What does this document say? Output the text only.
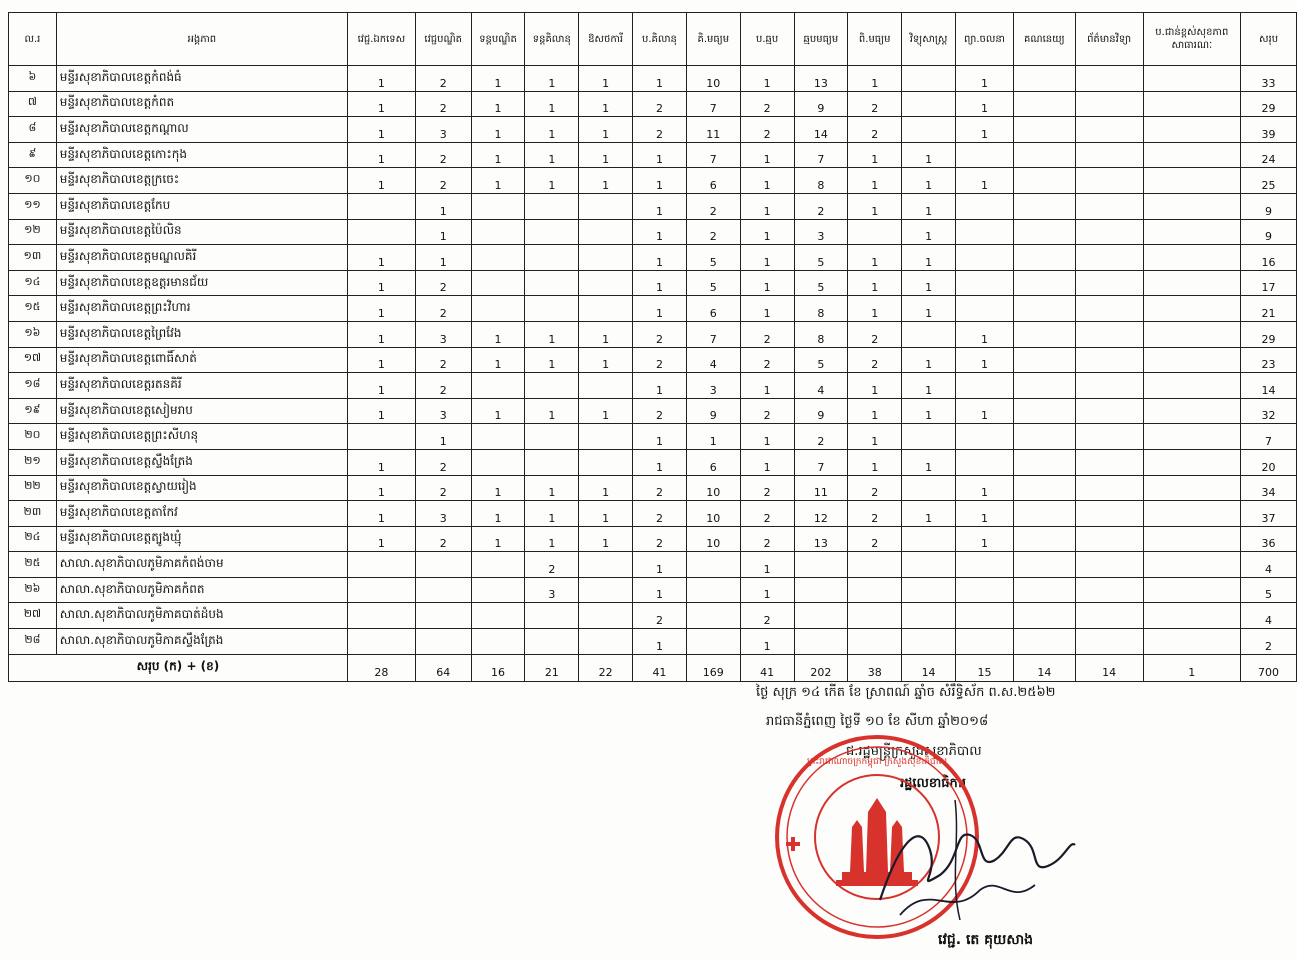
ល.រ	អង្គភាព	វេជ្ជ.ឯកទេស	វេជ្ជបណ្ឌិត	ទន្តបណ្ឌិត	ទន្តគិលានុ	ឱសថការី	ប.គិលានុ	គិ.មធ្យម	ប.ឆ្មប	ឆ្មបមធ្យម	ពិ.មធ្យម	វិទ្យុសាស្ត្រ	ព្យា.ចលនា	គណនេយ្យ	ព័ត៌មានវិទ្យា	ប.ជាន់ខ្ពស់សុខភាពសាធារណៈ	សរុប
៦	មន្ទីរសុខាភិបាលខេត្តកំពង់ធំ	1	2	1	1	1	1	10	1	13	1		1				33
៧	មន្ទីរសុខាភិបាលខេត្តកំពត	1	2	1	1	1	2	7	2	9	2		1				29
៨	មន្ទីរសុខាភិបាលខេត្តកណ្តាល	1	3	1	1	1	2	11	2	14	2		1				39
៩	មន្ទីរសុខាភិបាលខេត្តកោះកុង	1	2	1	1	1	1	7	1	7	1	1					24
១០	មន្ទីរសុខាភិបាលខេត្តក្រចេះ	1	2	1	1	1	1	6	1	8	1	1	1				25
១១	មន្ទីរសុខាភិបាលខេត្តកែប		1				1	2	1	2	1	1					9
១២	មន្ទីរសុខាភិបាលខេត្តប៉ៃលិន		1				1	2	1	3		1					9
១៣	មន្ទីរសុខាភិបាលខេត្តមណ្ឌលគិរី	1	1				1	5	1	5	1	1					16
១៤	មន្ទីរសុខាភិបាលខេត្តឧត្តរមានជ័យ	1	2				1	5	1	5	1	1					17
១៥	មន្ទីរសុខាភិបាលខេត្តព្រះវិហារ	1	2				1	6	1	8	1	1					21
១៦	មន្ទីរសុខាភិបាលខេត្តព្រៃវែង	1	3	1	1	1	2	7	2	8	2		1				29
១៧	មន្ទីរសុខាភិបាលខេត្តពោធិ៍សាត់	1	2	1	1	1	2	4	2	5	2	1	1				23
១៨	មន្ទីរសុខាភិបាលខេត្តរតនគិរី	1	2				1	3	1	4	1	1					14
១៩	មន្ទីរសុខាភិបាលខេត្តសៀមរាប	1	3	1	1	1	2	9	2	9	1	1	1				32
២០	មន្ទីរសុខាភិបាលខេត្តព្រះសីហនុ		1				1	1	1	2	1						7
២១	មន្ទីរសុខាភិបាលខេត្តស្ទឹងត្រែង	1	2				1	6	1	7	1	1					20
២២	មន្ទីរសុខាភិបាលខេត្តស្វាយរៀង	1	2	1	1	1	2	10	2	11	2		1				34
២៣	មន្ទីរសុខាភិបាលខេត្តតាកែវ	1	3	1	1	1	2	10	2	12	2	1	1				37
២៤	មន្ទីរសុខាភិបាលខេត្តត្បូងឃ្មុំ	1	2	1	1	1	2	10	2	13	2		1				36
២៥	សាលា.សុខាភិបាលភូមិភាគកំពង់ចាម				2		1		1								4
២៦	សាលា.សុខាភិបាលភូមិភាគកំពត				3		1		1								5
២៧	សាលា.សុខាភិបាលភូមិភាគបាត់ដំបង						2		2								4
២៨	សាលា.សុខាភិបាលភូមិភាគស្ទឹងត្រែង						1		1								2
សរុប (ក) + (ខ)		28	64	16	21	22	41	169	41	202	38	14	15	14	14	1	700
ថ្ងៃ សុក្រ ១៤ កើត ខែ ស្រាពណ៍ ឆ្នាំច សំរឹទ្ធិស័ក ព.ស.២៥៦២
រាជធានីភ្នំពេញ ថ្ងៃទី ១០ ខែ សីហា ឆ្នាំ២០១៨
ជ.រដ្ឋមន្ត្រីក្រសួងសុខាភិបាល
រដ្ឋលេខាធិការ
វេជ្ជ. តេ គុយសាង
ព្រះរាជាណាចក្រកម្ពុជា ក្រសួងសុខាភិបាល
